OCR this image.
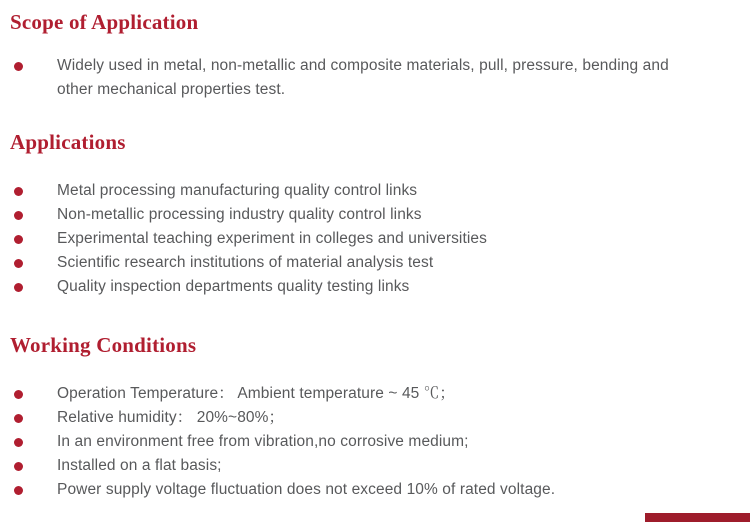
Scope of Application
Widely used in metal, non-metallic and composite materials, pull, pressure, bending and other mechanical properties test.
Applications
Metal processing manufacturing quality control links
Non-metallic processing industry quality control links
Experimental teaching experiment in colleges and universities
Scientific research institutions of material analysis test
Quality inspection departments quality testing links
Working Conditions
Operation Temperature： Ambient temperature ~ 45 ℃；
Relative humidity： 20%~80%；
In an environment free from vibration,no corrosive medium;
Installed on a flat basis;
Power supply voltage fluctuation does not exceed 10% of rated voltage.
